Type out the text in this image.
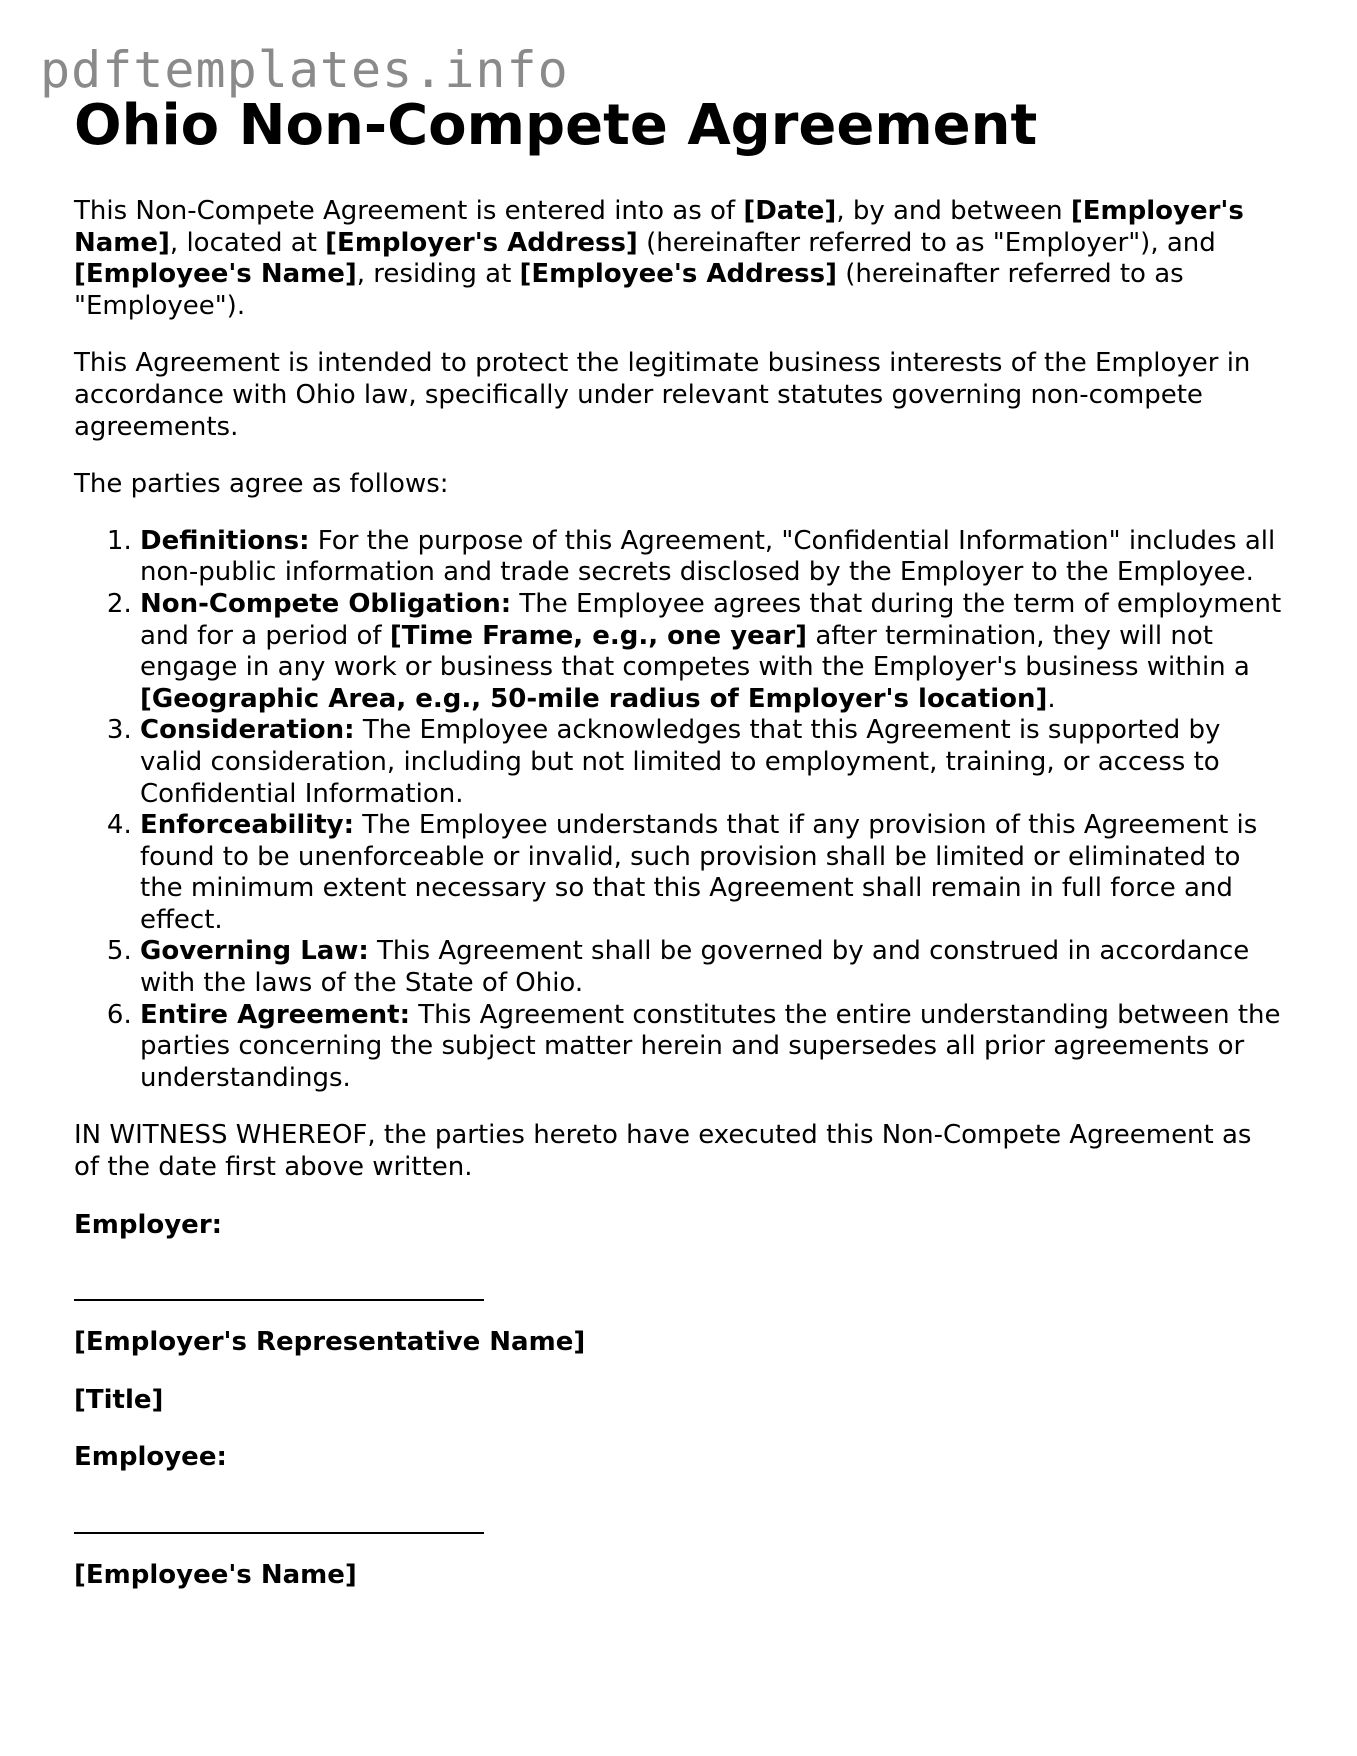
pdftemplates.info
Ohio Non-Compete Agreement

This Non-Compete Agreement is entered into as of [Date], by and between [Employer's Name], located at [Employer's Address] (hereinafter referred to as "Employer"), and [Employee's Name], residing at [Employee's Address] (hereinafter referred to as "Employee").

This Agreement is intended to protect the legitimate business interests of the Employer in accordance with Ohio law, specifically under relevant statutes governing non-compete agreements.

The parties agree as follows:

1. Definitions: For the purpose of this Agreement, "Confidential Information" includes all non-public information and trade secrets disclosed by the Employer to the Employee.
2. Non-Compete Obligation: The Employee agrees that during the term of employment and for a period of [Time Frame, e.g., one year] after termination, they will not engage in any work or business that competes with the Employer's business within a [Geographic Area, e.g., 50-mile radius of Employer's location].
3. Consideration: The Employee acknowledges that this Agreement is supported by valid consideration, including but not limited to employment, training, or access to Confidential Information.
4. Enforceability: The Employee understands that if any provision of this Agreement is found to be unenforceable or invalid, such provision shall be limited or eliminated to the minimum extent necessary so that this Agreement shall remain in full force and effect.
5. Governing Law: This Agreement shall be governed by and construed in accordance with the laws of the State of Ohio.
6. Entire Agreement: This Agreement constitutes the entire understanding between the parties concerning the subject matter herein and supersedes all prior agreements or understandings.

IN WITNESS WHEREOF, the parties hereto have executed this Non-Compete Agreement as of the date first above written.

Employer:

[Employer's Representative Name]

[Title]

Employee:

[Employee's Name]
